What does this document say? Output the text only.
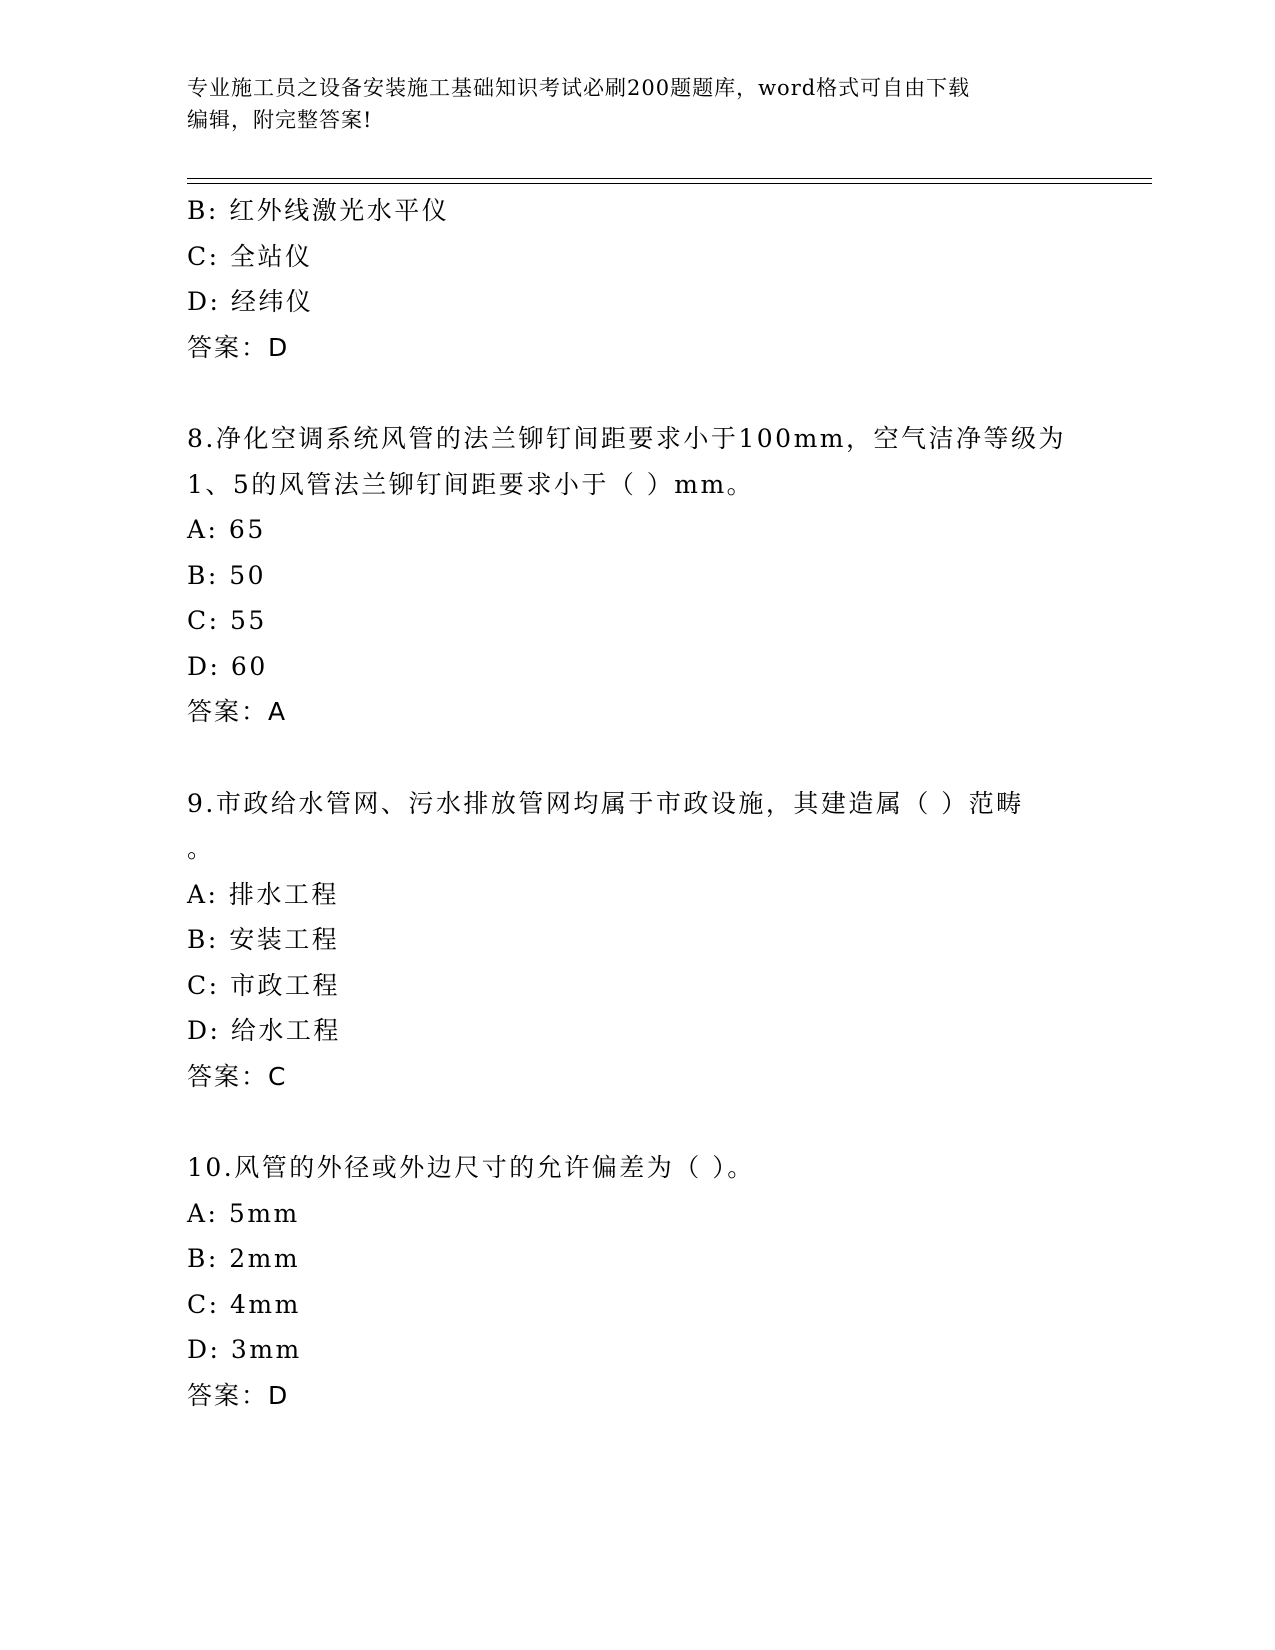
专业施工员之设备安装施工基础知识考试必刷200题题库，word格式可自由下载
编辑，附完整答案!
B: 红外线激光水平仪
C: 全站仪
D: 经纬仪
答案：D
8.净化空调系统风管的法兰铆钉间距要求小于100mm，空气洁净等级为
1、5的风管法兰铆钉间距要求小于（ ）mm。
A: 65
B: 50
C: 55
D: 60
答案：A
9.市政给水管网、污水排放管网均属于市政设施，其建造属（ ）范畴
。
A: 排水工程
B: 安装工程
C: 市政工程
D: 给水工程
答案：C
10.风管的外径或外边尺寸的允许偏差为（ ）。
A: 5mm
B: 2mm
C: 4mm
D: 3mm
答案：D
